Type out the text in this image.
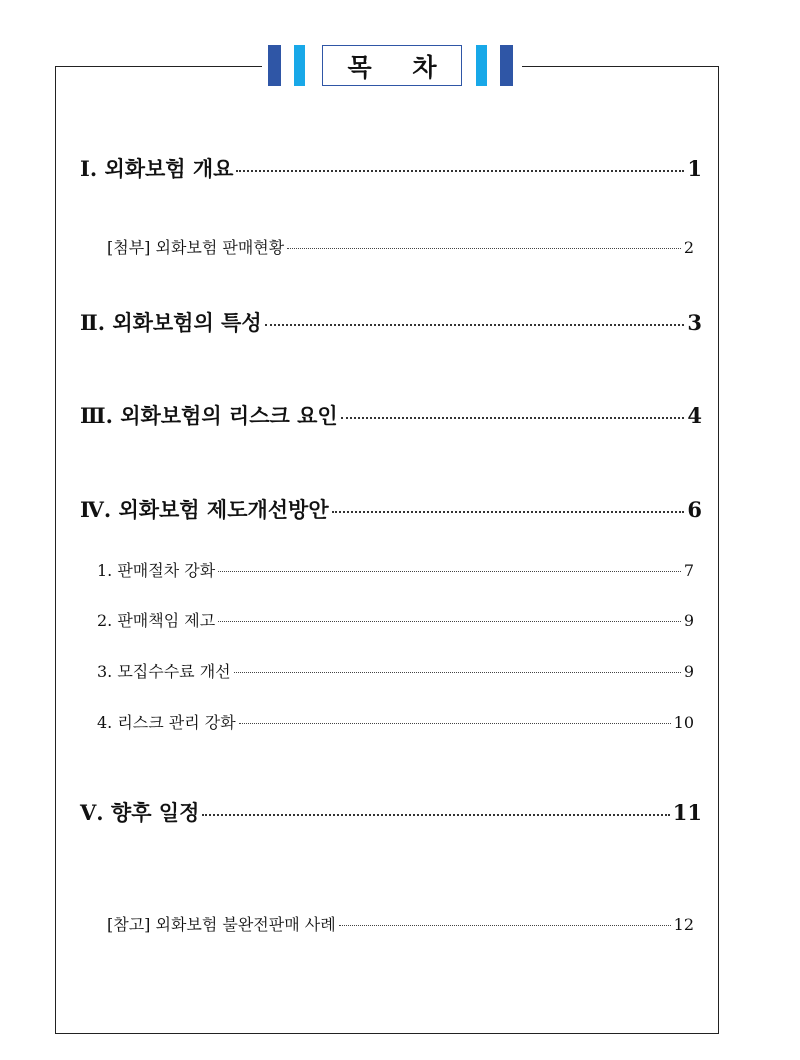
목 차
Ⅰ. 외화보험 개요	1
[첨부] 외화보험 판매현황	2
Ⅱ. 외화보험의 특성	3
Ⅲ. 외화보험의 리스크 요인	4
Ⅳ. 외화보험 제도개선방안	6
1. 판매절차 강화	7
2. 판매책임 제고	9
3. 모집수수료 개선	9
4. 리스크 관리 강화	10
Ⅴ. 향후 일정	11
[참고] 외화보험 불완전판매 사례	12
